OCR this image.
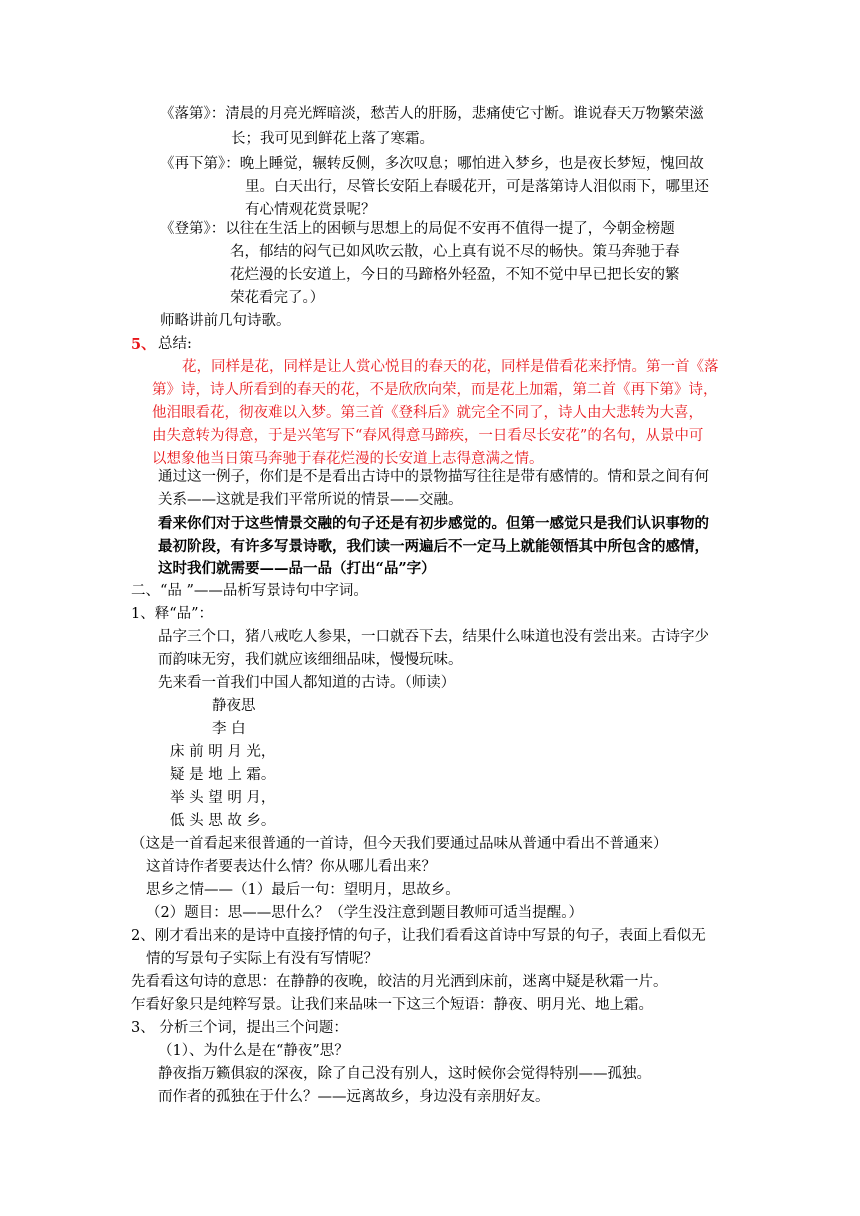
《落第》：清晨的月亮光辉暗淡，愁苦人的肝肠，悲痛使它寸断。谁说春天万物繁荣滋
长；我可见到鲜花上落了寒霜。
《再下第》：晚上睡觉，辗转反侧，多次叹息；哪怕进入梦乡，也是夜长梦短，愧回故
里。白天出行，尽管长安陌上春暖花开，可是落第诗人泪似雨下，哪里还
有心情观花赏景呢？
《登第》：以往在生活上的困顿与思想上的局促不安再不值得一提了，今朝金榜题
名，郁结的闷气已如风吹云散，心上真有说不尽的畅快。策马奔驰于春
花烂漫的长安道上，今日的马蹄格外轻盈，不知不觉中早已把长安的繁
荣花看完了。）
师略讲前几句诗歌。
5、 总结:
花，同样是花，同样是让人赏心悦目的春天的花，同样是借看花来抒情。第一首《落
第》诗，诗人所看到的春天的花，不是欣欣向荣，而是花上加霜，第二首《再下第》诗，
他泪眼看花，彻夜难以入梦。第三首《登科后》就完全不同了，诗人由大悲转为大喜，
由失意转为得意，于是兴笔写下“春风得意马蹄疾，一日看尽长安花”的名句，从景中可
以想象他当日策马奔驰于春花烂漫的长安道上志得意满之情。
通过这一例子，你们是不是看出古诗中的景物描写往往是带有感情的。情和景之间有何
关系——这就是我们平常所说的情景——交融。
看来你们对于这些情景交融的句子还是有初步感觉的。但第一感觉只是我们认识事物的
最初阶段，有许多写景诗歌，我们读一两遍后不一定马上就能领悟其中所包含的感情，
这时我们就需要——品一品（打出“品”字）
二、“品 ”——品析写景诗句中字词。
1、释“品”：
品字三个口，猪八戒吃人参果，一口就吞下去，结果什么味道也没有尝出来。古诗字少
而韵味无穷，我们就应该细细品味，慢慢玩味。
先来看一首我们中国人都知道的古诗。（师读）
静夜思
李 白
床 前 明 月 光，
疑 是 地 上 霜。
举 头 望 明 月，
低 头 思 故 乡。
（这是一首看起来很普通的一首诗，但今天我们要通过品味从普通中看出不普通来）
这首诗作者要表达什么情？你从哪儿看出来？
思乡之情——（1）最后一句：望明月，思故乡。
（2）题目：思——思什么？（学生没注意到题目教师可适当提醒。）
2、刚才看出来的是诗中直接抒情的句子，让我们看看这首诗中写景的句子，表面上看似无
情的写景句子实际上有没有写情呢？
先看看这句诗的意思：在静静的夜晚，皎洁的月光洒到床前，迷离中疑是秋霜一片。
乍看好象只是纯粹写景。让我们来品味一下这三个短语：静夜、明月光、地上霜。
3、 分析三个词，提出三个问题：
（1）、为什么是在“静夜”思？
静夜指万籁俱寂的深夜，除了自己没有别人，这时候你会觉得特别——孤独。
而作者的孤独在于什么？——远离故乡，身边没有亲朋好友。
